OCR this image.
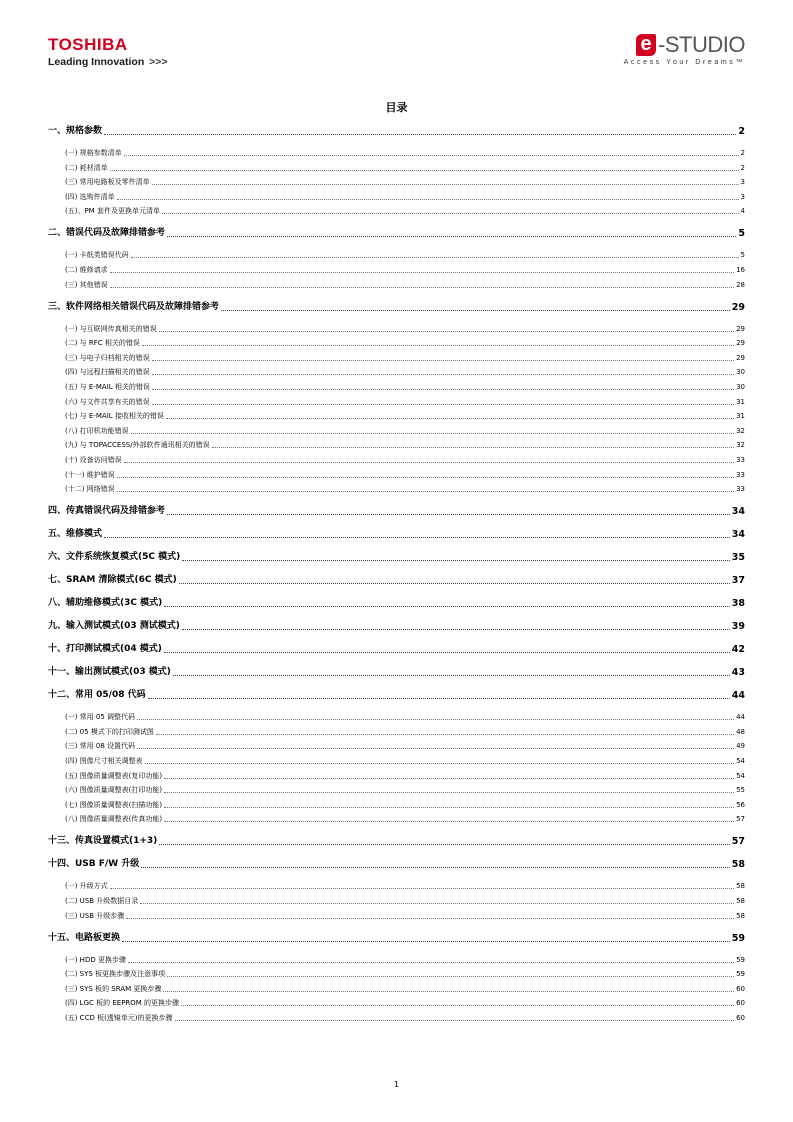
TOSHIBA
Leading Innovation >>>
e -STUDIO
Access Your Dreams™
目录
一、规格参数	2
(一) 规格参数清单	2
(二) 耗材清单	2
(三) 常用电路板及零件清单	3
(四) 选购件清单	3
(五)、PM 套件及更换单元清单	4
二、错误代码及故障排错参考	5
(一) 卡纸类错误代码	5
(二) 维修请求	16
(三) 其他错误	28
三、软件网络相关错误代码及故障排错参考	29
(一) 与互联网传真相关的错误	29
(二) 与 RFC 相关的错误	29
(三) 与电子归档相关的错误	29
(四) 与远程扫描相关的错误	30
(五) 与 E-MAIL 相关的错误	30
(六) 与文件共享有关的错误	31
(七) 与 E-MAIL 接收相关的错误	31
(八) 打印机功能错误	32
(九) 与 TOPACCESS/外部软件通讯相关的错误	32
(十) 设备访问错误	33
(十一) 维护错误	33
(十二) 网络错误	33
四、传真错误代码及排错参考	34
五、维修模式	34
六、文件系统恢复模式(5C 模式)	35
七、SRAM 清除模式(6C 模式)	37
八、辅助维修模式(3C 模式)	38
九、输入测试模式(03 测试模式)	39
十、打印测试模式(04 模式)	42
十一、输出测试模式(03 模式)	43
十二、常用 05/08 代码	44
(一) 常用 05 调整代码	44
(二) 05 模式下的打印测试图	48
(三) 常用 08 设置代码	49
(四) 图像尺寸相关调整表	54
(五) 图像质量调整表(复印功能)	54
(六) 图像质量调整表(打印功能)	55
(七) 图像质量调整表(扫描功能)	56
(八) 图像质量调整表(传真功能)	57
十三、传真设置模式(1+3)	57
十四、USB F/W 升级	58
(一) 升级方式	58
(二) USB 升级数据目录	58
(三) USB 升级步骤	58
十五、电路板更换	59
(一) HDD 更换步骤	59
(二) SYS 板更换步骤及注意事项	59
(三) SYS 板的 SRAM 更换步骤	60
(四) LGC 板的 EEPROM 的更换步骤	60
(五) CCD 板(透镜单元)的更换步骤	60
1
